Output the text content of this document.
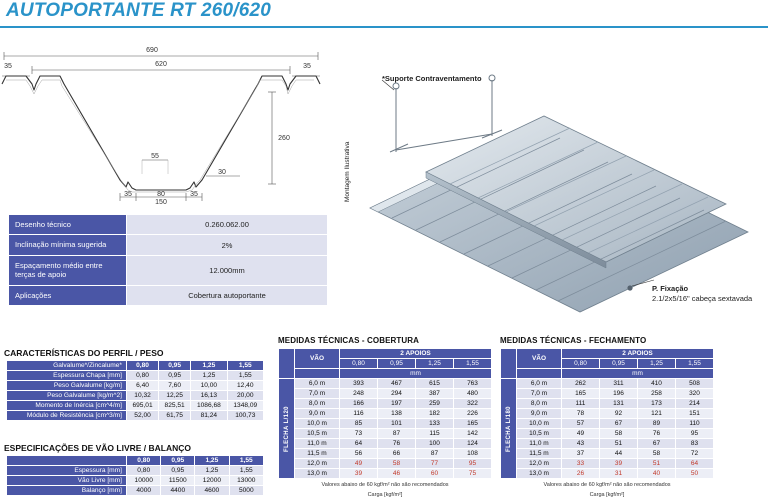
AUTOPORTANTE RT 260/620
690
620
35	35
260
55
30
35	80	35
150
*Suporte Contraventamento
Montagem Ilustrativa
P. Fixação
2.1/2x5/16" cabeça sextavada
Desenho técnico	0.260.062.00
Inclinação mínima sugerida	2%
Espaçamento médio entre terças de apoio	12.000mm
Aplicações	Cobertura autoportante
CARACTERÍSTICAS DO PERFIL / PESO
Galvalume*/Zincalume*	0,80	0,95	1,25	1,55
Espessura Chapa [mm]	0,80	0,95	1,25	1,55
Peso Galvalume [kg/m]	6,40	7,60	10,00	12,40
Peso Galvalume [kg/m^2]	10,32	12,25	16,13	20,00
Momento de Inércia [cm^4/m]	695,01	825,51	1086,68	1348,09
Módulo de Resistência [cm^3/m]	52,00	61,75	81,24	100,73
ESPECIFICAÇÕES DE VÃO LIVRE / BALANÇO
	0,80	0,95	1,25	1,55
Espessura [mm]	0,80	0,95	1,25	1,55
Vão Livre [mm]	10000	11500	12000	13000
Balanço [mm]	4000	4400	4600	5000
MEDIDAS TÉCNICAS - COBERTURA
	VÃO	2 APOIOS			
		0,80	0,95	1,25	1,55
		mm			
FLECHA L/120	6,0 m	393	467	615	763
	7,0 m	248	294	387	480
	8,0 m	166	197	259	322
	9,0 m	116	138	182	226
	10,0 m	85	101	133	165
	10,5 m	73	87	115	142
	11,0 m	64	76	100	124
	11,5 m	56	66	87	108
	12,0 m	49	58	77	95
	13,0 m	39	46	60	75
Valores abaixo de 60 kgf/m² não são recomendados
Carga [kgf/m²]
MEDIDAS TÉCNICAS - FECHAMENTO
	VÃO	2 APOIOS			
		0,80	0,95	1,25	1,55
		mm			
FLECHA L/180	6,0 m	262	311	410	508
	7,0 m	165	196	258	320
	8,0 m	111	131	173	214
	9,0 m	78	92	121	151
	10,0 m	57	67	89	110
	10,5 m	49	58	76	95
	11,0 m	43	51	67	83
	11,5 m	37	44	58	72
	12,0 m	33	39	51	64
	13,0 m	26	31	40	50
Valores abaixo de 60 kgf/m² não são recomendados
Carga [kgf/m²]
